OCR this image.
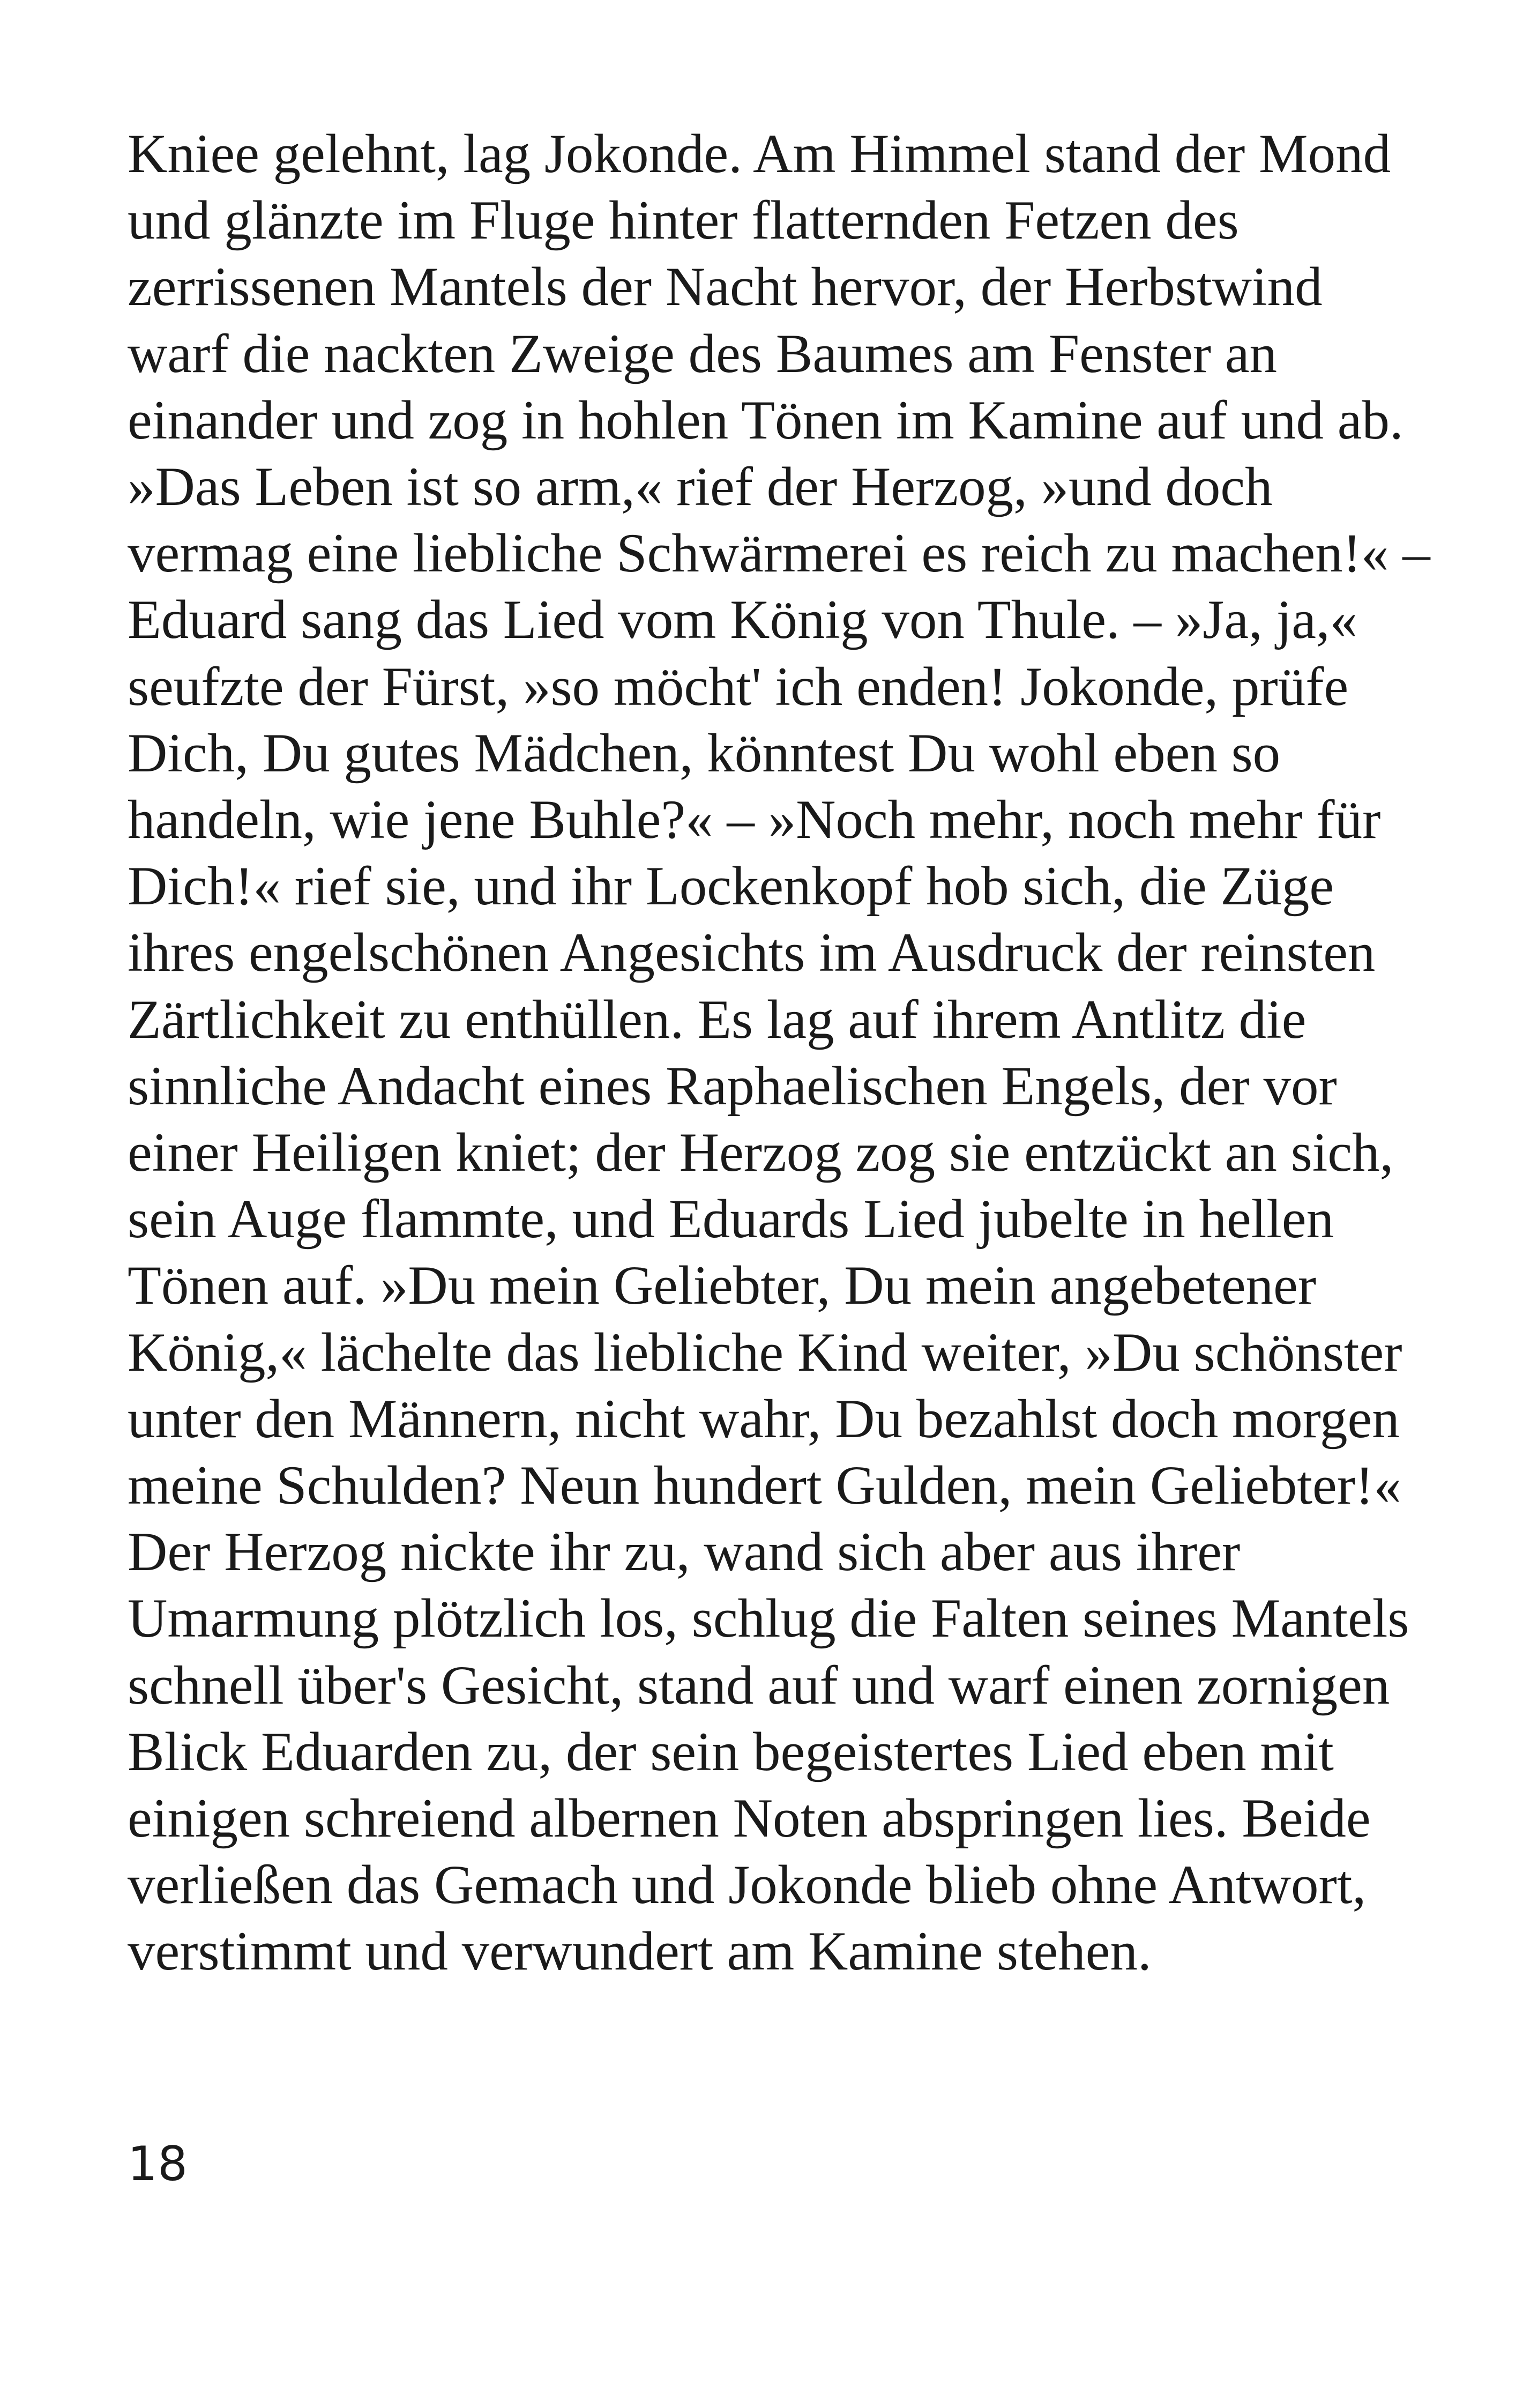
Kniee gelehnt, lag Jokonde. Am Himmel stand der Mond
und glänzte im Fluge hinter flatternden Fetzen des
zerrissenen Mantels der Nacht hervor, der Herbstwind
warf die nackten Zweige des Baumes am Fenster an
einander und zog in hohlen Tönen im Kamine auf und ab.
»Das Leben ist so arm,« rief der Herzog, »und doch
vermag eine liebliche Schwärmerei es reich zu machen!« –
Eduard sang das Lied vom König von Thule. – »Ja, ja,«
seufzte der Fürst, »so möcht' ich enden! Jokonde, prüfe
Dich, Du gutes Mädchen, könntest Du wohl eben so
handeln, wie jene Buhle?« – »Noch mehr, noch mehr für
Dich!« rief sie, und ihr Lockenkopf hob sich, die Züge
ihres engelschönen Angesichts im Ausdruck der reinsten
Zärtlichkeit zu enthüllen. Es lag auf ihrem Antlitz die
sinnliche Andacht eines Raphaelischen Engels, der vor
einer Heiligen kniet; der Herzog zog sie entzückt an sich,
sein Auge flammte, und Eduards Lied jubelte in hellen
Tönen auf. »Du mein Geliebter, Du mein angebetener
König,« lächelte das liebliche Kind weiter, »Du schönster
unter den Männern, nicht wahr, Du bezahlst doch morgen
meine Schulden? Neun hundert Gulden, mein Geliebter!«
Der Herzog nickte ihr zu, wand sich aber aus ihrer
Umarmung plötzlich los, schlug die Falten seines Mantels
schnell über's Gesicht, stand auf und warf einen zornigen
Blick Eduarden zu, der sein begeistertes Lied eben mit
einigen schreiend albernen Noten abspringen lies. Beide
verließen das Gemach und Jokonde blieb ohne Antwort,
verstimmt und verwundert am Kamine stehen.
18
